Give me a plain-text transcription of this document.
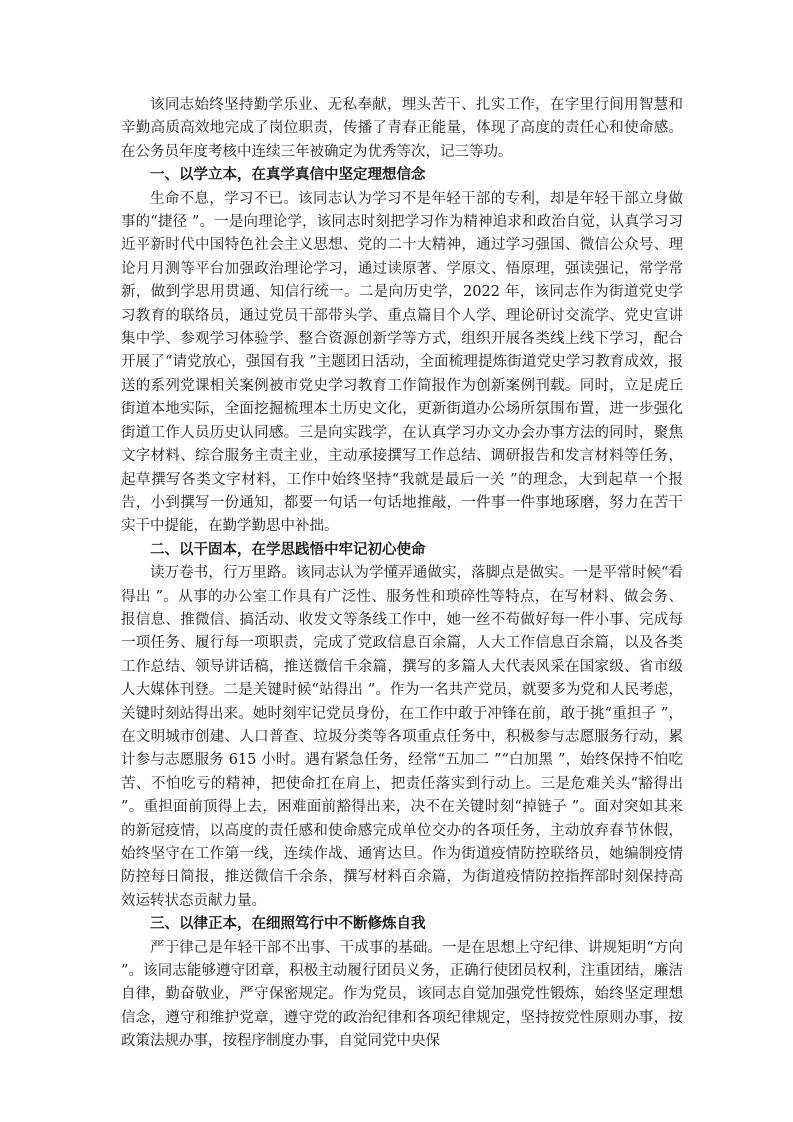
该同志始终坚持勤学乐业、无私奉献，埋头苦干、扎实工作，在字里行间用智慧和辛勤高质高效地完成了岗位职责，传播了青春正能量，体现了高度的责任心和使命感。在公务员年度考核中连续三年被确定为优秀等次，记三等功。

一、以学立本，在真学真信中坚定理想信念

生命不息，学习不已。该同志认为学习不是年轻干部的专利，却是年轻干部立身做事的“捷径 ”。一是向理论学，该同志时刻把学习作为精神追求和政治自觉，认真学习习近平新时代中国特色社会主义思想、党的二十大精神，通过学习强国、微信公众号、理论月月测等平台加强政治理论学习，通过读原著、学原文、悟原理，强读强记，常学常新，做到学思用贯通、知信行统一。二是向历史学，2022 年，该同志作为街道党史学习教育的联络员，通过党员干部带头学、重点篇目个人学、理论研讨交流学、党史宣讲集中学、参观学习体验学、整合资源创新学等方式，组织开展各类线上线下学习，配合开展了“请党放心，强国有我 ”主题团日活动，全面梳理提炼街道党史学习教育成效，报送的系列党课相关案例被市党史学习教育工作简报作为创新案例刊载。同时，立足虎丘街道本地实际，全面挖掘梳理本土历史文化，更新街道办公场所氛围布置，进一步强化街道工作人员历史认同感。三是向实践学，在认真学习办文办会办事方法的同时，聚焦文字材料、综合服务主责主业，主动承接撰写工作总结、调研报告和发言材料等任务，起草撰写各类文字材料，工作中始终坚持“我就是最后一关 ”的理念，大到起草一个报告，小到撰写一份通知，都要一句话一句话地推敲，一件事一件事地琢磨，努力在苦干实干中提能，在勤学勤思中补拙。

二、以干固本，在学思践悟中牢记初心使命

读万卷书，行万里路。该同志认为学懂弄通做实，落脚点是做实。一是平常时候“看得出 ”。从事的办公室工作具有广泛性、服务性和琐碎性等特点，在写材料、做会务、报信息、推微信、搞活动、收发文等条线工作中，她一丝不苟做好每一件小事、完成每一项任务、履行每一项职责，完成了党政信息百余篇，人大工作信息百余篇，以及各类工作总结、领导讲话稿，推送微信千余篇，撰写的多篇人大代表风采在国家级、省市级人大媒体刊登。二是关键时候“站得出 ”。作为一名共产党员，就要多为党和人民考虑，关键时刻站得出来。她时刻牢记党员身份，在工作中敢于冲锋在前，敢于挑“重担子 ”，在文明城市创建、人口普查、垃圾分类等各项重点任务中，积极参与志愿服务行动，累计参与志愿服务 615 小时。遇有紧急任务，经常“五加二 ”“白加黑 ”，始终保持不怕吃苦、不怕吃亏的精神，把使命扛在肩上，把责任落实到行动上。三是危难关头“豁得出 ”。重担面前顶得上去，困难面前豁得出来，决不在关键时刻“掉链子 ”。面对突如其来的新冠疫情，以高度的责任感和使命感完成单位交办的各项任务，主动放弃春节休假，始终坚守在工作第一线，连续作战、通宵达旦。作为街道疫情防控联络员，她编制疫情防控每日简报，推送微信千余条，撰写材料百余篇，为街道疫情防控指挥部时刻保持高效运转状态贡献力量。

三、以律正本，在细照笃行中不断修炼自我

严于律己是年轻干部不出事、干成事的基础。一是在思想上守纪律、讲规矩明“方向 ”。该同志能够遵守团章，积极主动履行团员义务，正确行使团员权利，注重团结，廉洁自律，勤奋敬业，严守保密规定。作为党员，该同志自觉加强党性锻炼，始终坚定理想信念，遵守和维护党章，遵守党的政治纪律和各项纪律规定，坚持按党性原则办事，按政策法规办事，按程序制度办事，自觉同党中央保
